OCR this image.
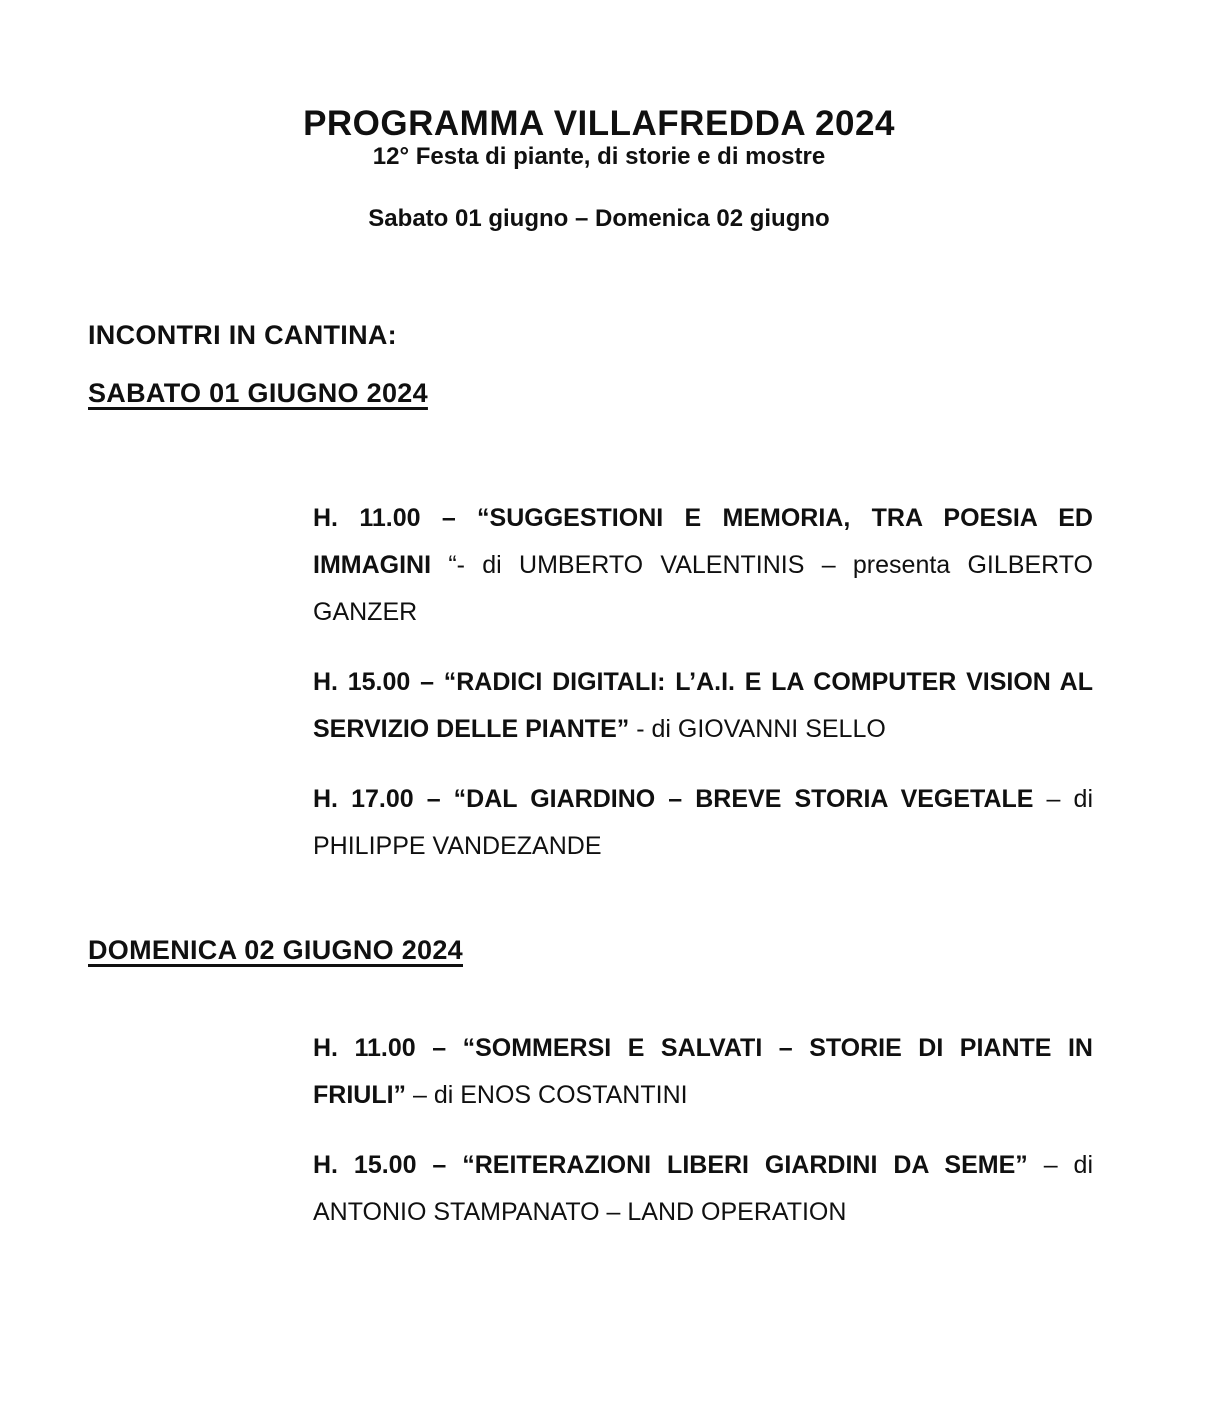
PROGRAMMA VILLAFREDDA 2024
12° Festa di piante, di storie e di mostre
Sabato 01 giugno – Domenica 02 giugno
INCONTRI IN CANTINA:
SABATO 01 GIUGNO 2024

H. 11.00 – “SUGGESTIONI E MEMORIA, TRA POESIA ED IMMAGINI “- di UMBERTO VALENTINIS – presenta GILBERTO GANZER

H. 15.00 – “RADICI DIGITALI: L’A.I. E LA COMPUTER VISION AL SERVIZIO DELLE PIANTE” - di GIOVANNI SELLO

H. 17.00 – “DAL GIARDINO – BREVE STORIA VEGETALE – di PHILIPPE VANDEZANDE

DOMENICA 02 GIUGNO 2024

H. 11.00 – “SOMMERSI E SALVATI – STORIE DI PIANTE IN FRIULI” – di ENOS COSTANTINI

H. 15.00 – “REITERAZIONI LIBERI GIARDINI DA SEME” – di ANTONIO STAMPANATO – LAND OPERATION
